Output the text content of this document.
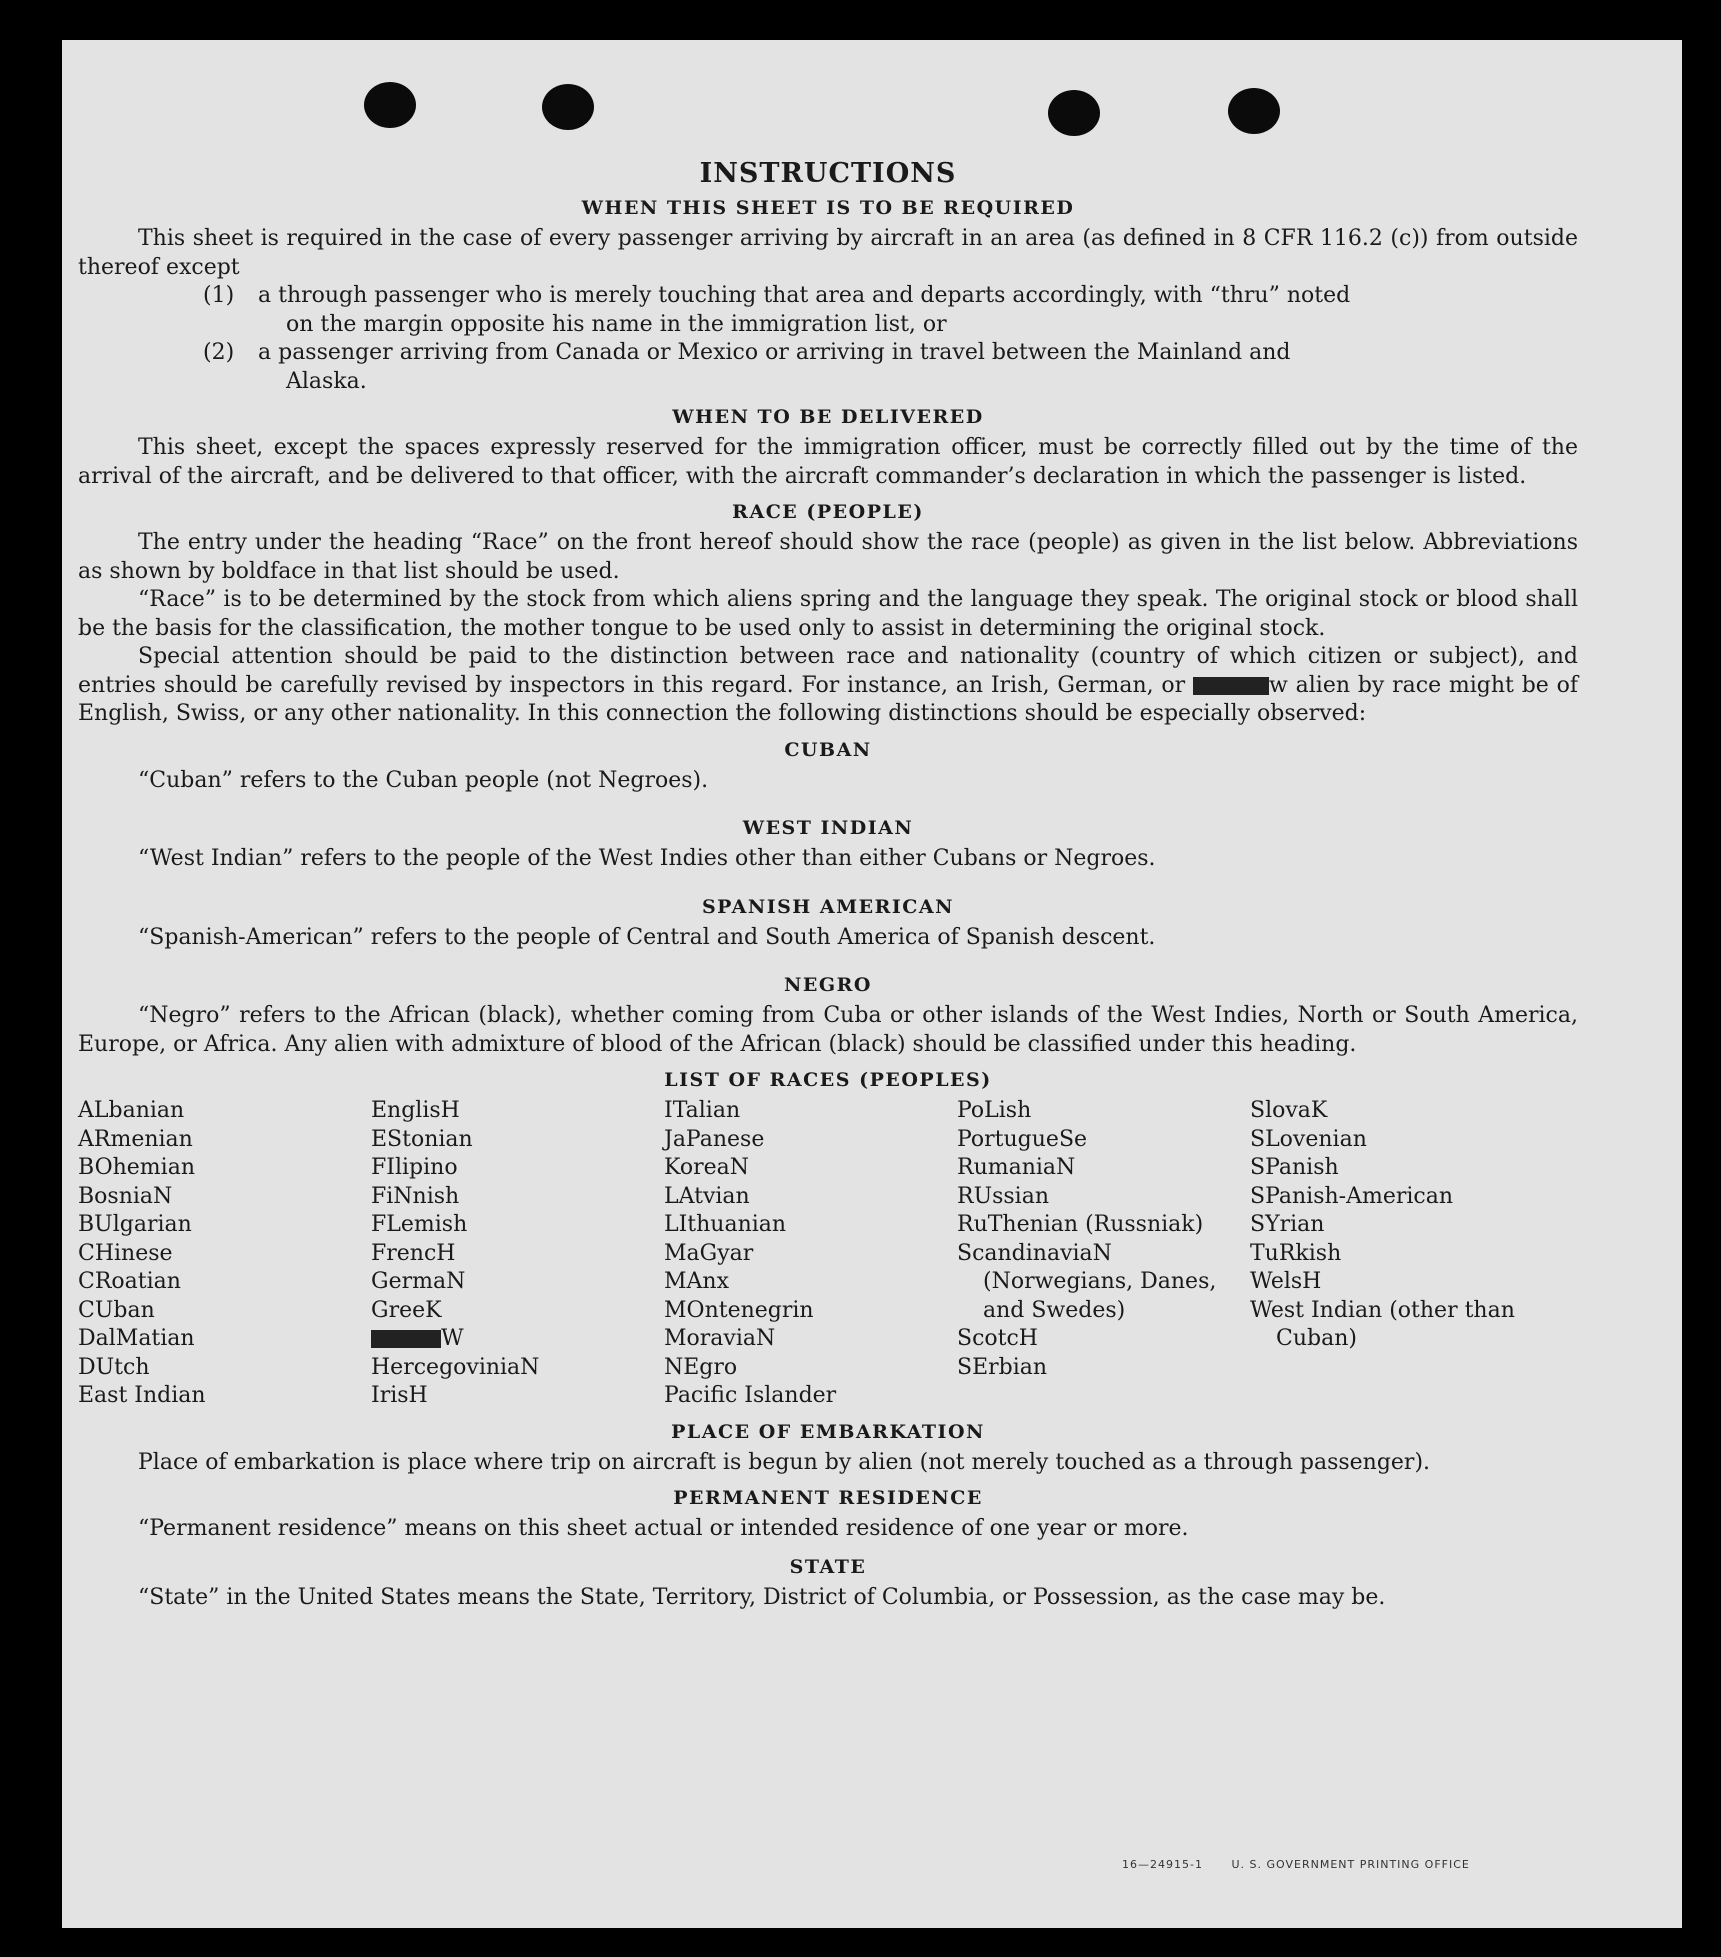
INSTRUCTIONS
WHEN THIS SHEET IS TO BE REQUIRED

This sheet is required in the case of every passenger arriving by aircraft in an area (as defined in 8 CFR 116.2 (c)) from outside thereof except

(1)	a through passenger who is merely touching that area and departs accordingly, with “thru” noted
on the margin opposite his name in the immigration list, or
(2)	a passenger arriving from Canada or Mexico or arriving in travel between the Mainland and
Alaska.
WHEN TO BE DELIVERED

This sheet, except the spaces expressly reserved for the immigration officer, must be correctly filled out by the time of the arrival of the aircraft, and be delivered to that officer, with the aircraft commander’s declaration in which the passenger is listed.

RACE (PEOPLE)

The entry under the heading “Race” on the front hereof should show the race (people) as given in the list below. Abbreviations as shown by boldface in that list should be used.

“Race” is to be determined by the stock from which aliens spring and the language they speak. The original stock or blood shall be the basis for the classification, the mother tongue to be used only to assist in determining the original stock.

Special attention should be paid to the distinction between race and nationality (country of which citizen or subject), and entries should be carefully revised by inspectors in this regard. For instance, an Irish, German, or	w alien by race might be of English, Swiss, or any other nationality. In this connection the following distinctions should be especially observed:

CUBAN

“Cuban” refers to the Cuban people (not Negroes).

WEST INDIAN

“West Indian” refers to the people of the West Indies other than either Cubans or Negroes.

SPANISH AMERICAN

“Spanish-American” refers to the people of Central and South America of Spanish descent.

NEGRO

“Negro” refers to the African (black), whether coming from Cuba or other islands of the West Indies, North or South America, Europe, or Africa. Any alien with admixture of blood of the African (black) should be classified under this heading.

LIST OF RACES (PEOPLES)
ALbanian
ARmenian
BOhemian
BosniaN
BUlgarian
CHinese
CRoatian
CUban
DalMatian
DUtch
East Indian
EnglisH
EStonian
FIlipino
FiNnish
FLemish
FrencH
GermaN
GreeK
W
HercegoviniaN
IrisH
ITalian
JaPanese
KoreaN
LAtvian
LIthuanian
MaGyar
MAnx
MOntenegrin
MoraviaN
NEgro
Pacific Islander
PoLish
PortugueSe
RumaniaN
RUssian
RuThenian (Russniak)
ScandinaviaN (Norwegians, Danes, and Swedes)
ScotcH
SErbian
SlovaK
SLovenian
SPanish
SPanish-American
SYrian
TuRkish
WelsH
West Indian (other than Cuban)
PLACE OF EMBARKATION

Place of embarkation is place where trip on aircraft is begun by alien (not merely touched as a through passenger).

PERMANENT RESIDENCE

“Permanent residence” means on this sheet actual or intended residence of one year or more.

STATE

“State” in the United States means the State, Territory, District of Columbia, or Possession, as the case may be.

16—24915-1	U. S. GOVERNMENT PRINTING OFFICE
